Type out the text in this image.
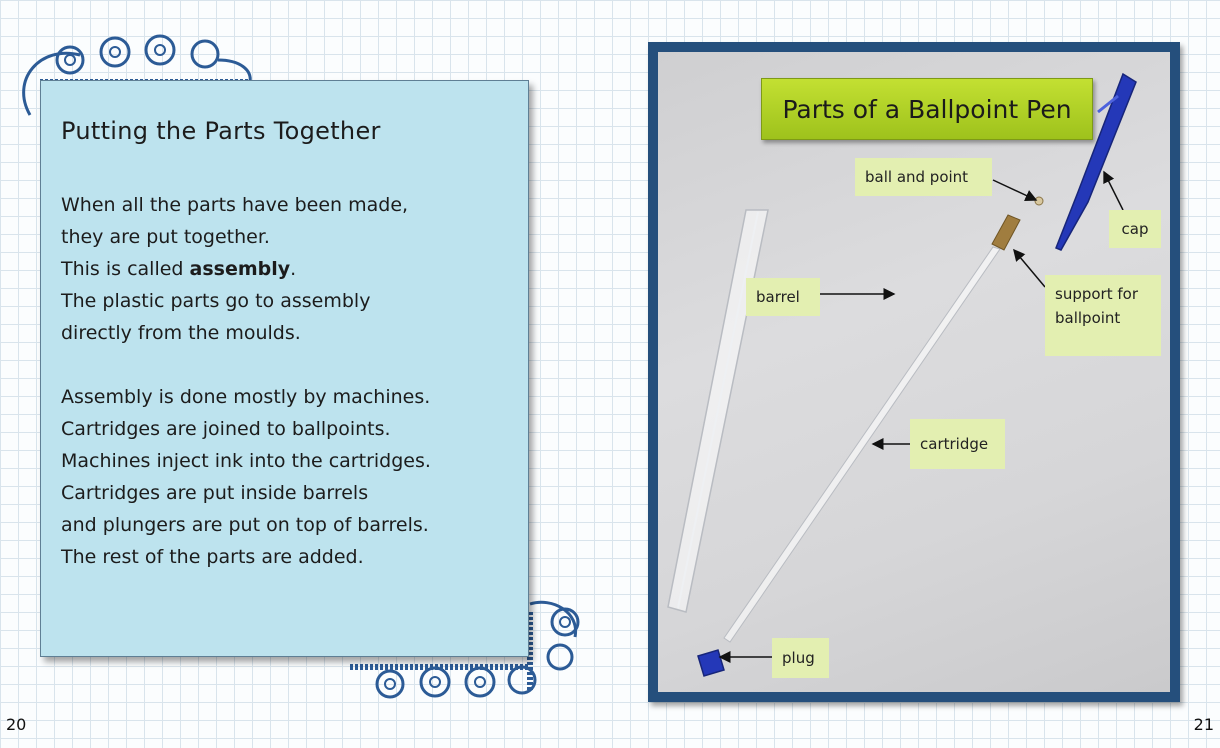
Putting the Parts Together
When all the parts have been made,
they are put together.
This is called assembly.
The plastic parts go to assembly
directly from the moulds.
Assembly is done mostly by machines.
Cartridges are joined to ballpoints.
Machines inject ink into the cartridges.
Cartridges are put inside barrels
and plungers are put on top of barrels.
The rest of the parts are added.
20
Parts of a Ballpoint Pen
ball and point
cap
barrel	support for
ballpoint
cartridge
plug
21
